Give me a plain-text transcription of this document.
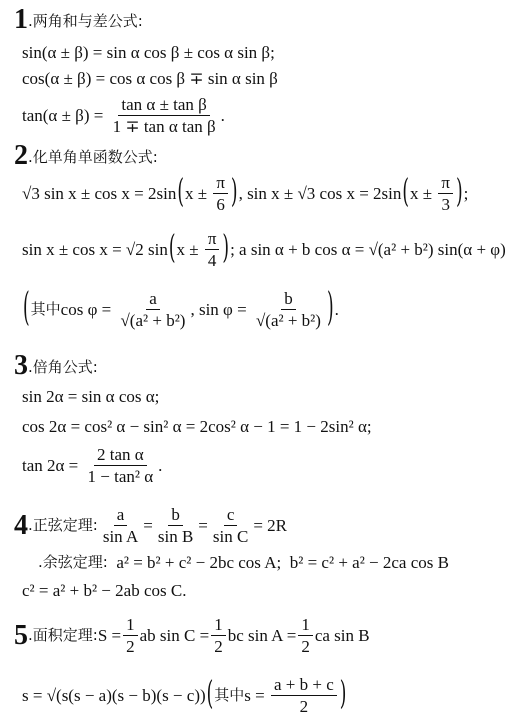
1.两角和与差公式:
sin(α ± β) = sin α cos β ± cos α sin β;
cos(α ± β) = cos α cos β ∓ sin α sin β
$\tan(\alpha \pm \beta) = \frac{\text{tan α ± tan β}}{\text{1 ∓ tan α tan β}}$ .
2.化单角单函数公式:
√3 sin x ± cos x = 2sin ( $x \pm \frac{\pi}{6}$ ) , sin x ± √3 cos x = 2sin ( $x \pm \frac{\pi}{3}$ ) ;
sin x ± cos x = √2 sin ( $x \pm \frac{\pi}{4}$ ) ; a sin α + b cos α = √(a² + b²) sin(α + φ)
( 其中 $\cos \varphi = \frac{a}{\text{√(a² + b²)}}$ , $\sin \varphi = \frac{b}{\text{√(a² + b²)}}$ ) .
3.倍角公式:
sin 2α = sin α cos α;
cos 2α = cos² α − sin² α = 2cos² α − 1 = 1 − 2sin² α;
$\tan 2\alpha = \frac{\text{2 tan α}}{\text{1 − tan² α}}$ .
4 .正弦定理: $\frac{a}{\text{sin A}} = \frac{b}{\text{sin B}} = \frac{c}{\text{sin C}} = 2R$
.余弦定理: a² = b² + c² − 2bc cos A;  b² = c² + a² − 2ca cos B
c² = a² + b² − 2ab cos C.
5 .面积定理: $S = \frac{1}{2}$ ab $\sin C = \frac{1}{2}$ bc $\sin A = \frac{1}{2}$ ca sin B
s = √(s(s − a)(s − b)(s − c)) ( 其中 $s = \frac{a + b + c}{2}$ )
